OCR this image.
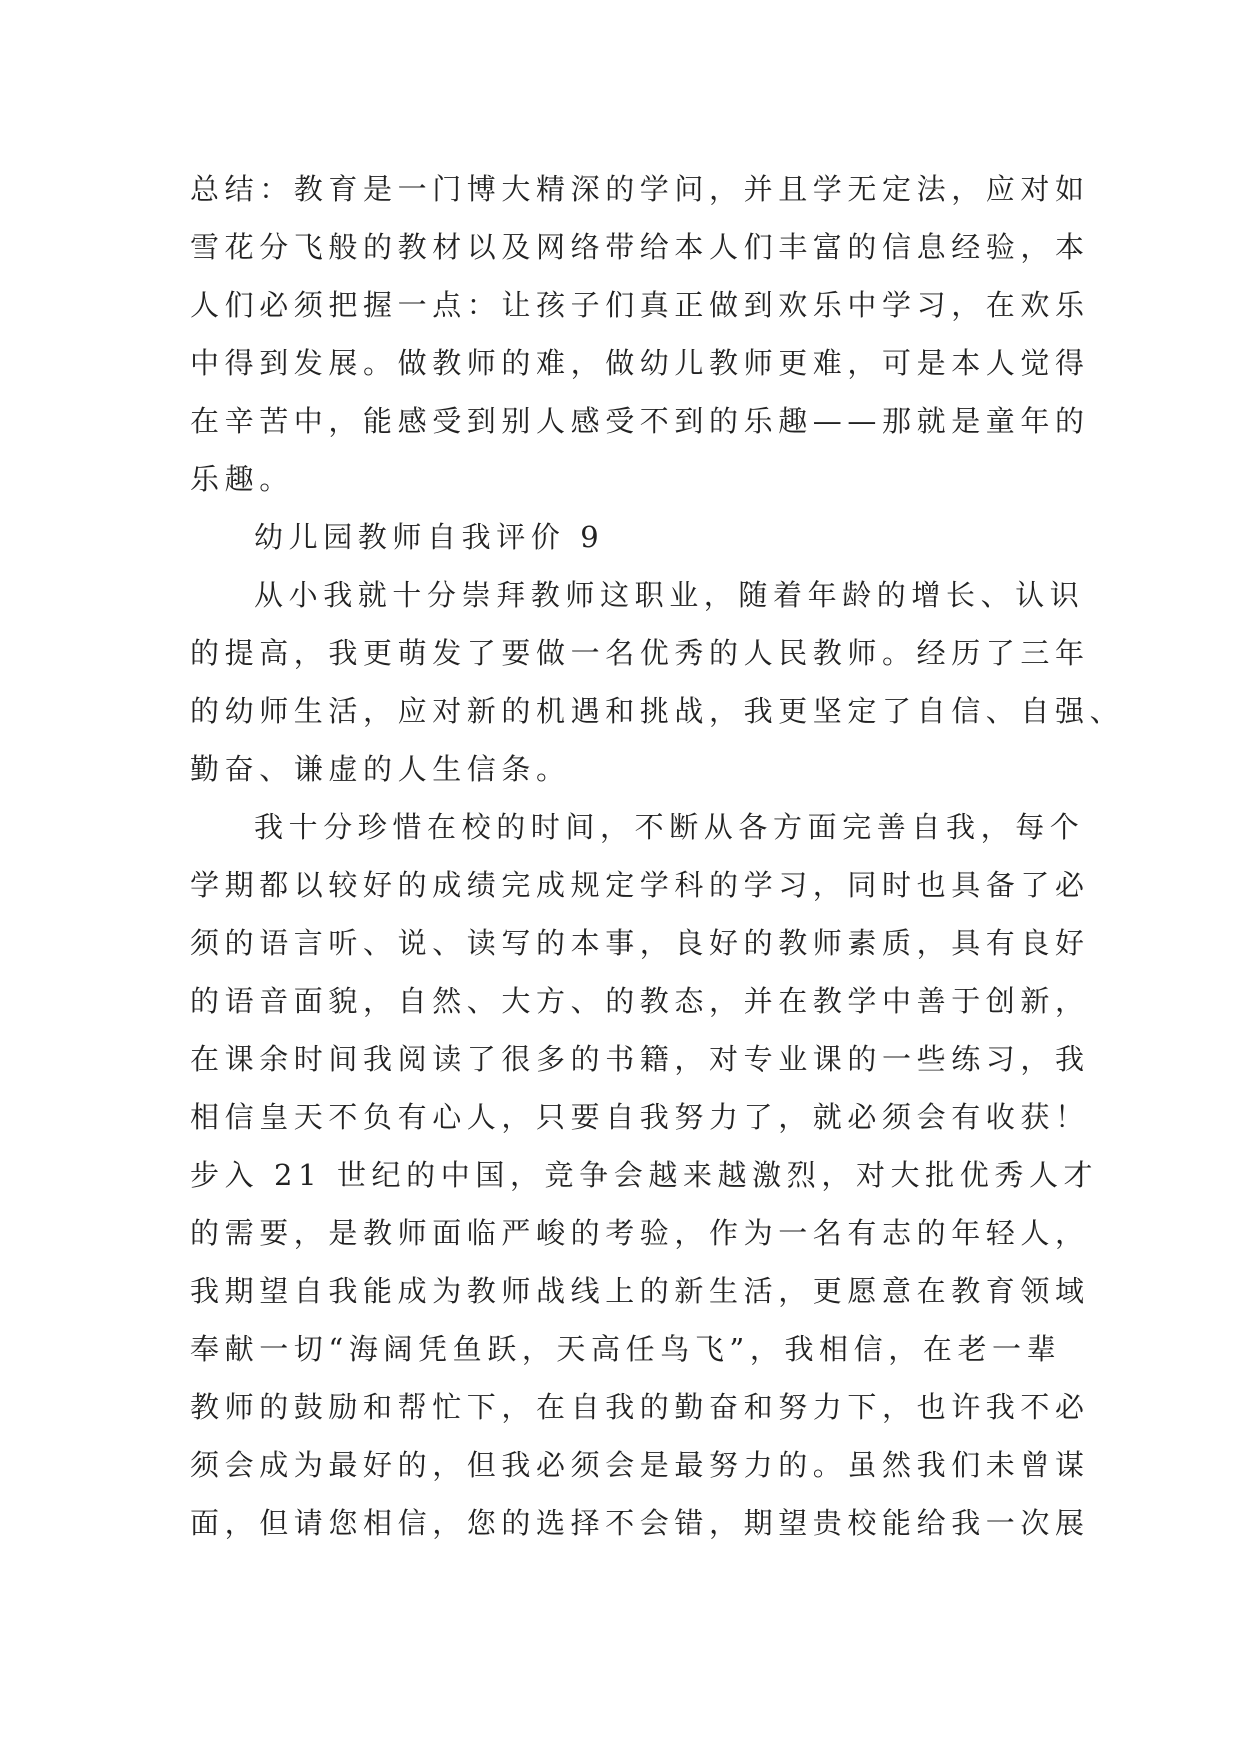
总结：教育是一门博大精深的学问，并且学无定法，应对如
雪花分飞般的教材以及网络带给本人们丰富的信息经验，本
人们必须把握一点：让孩子们真正做到欢乐中学习，在欢乐
中得到发展。做教师的难，做幼儿教师更难，可是本人觉得
在辛苦中，能感受到别人感受不到的乐趣——那就是童年的
乐趣。
幼儿园教师自我评价 9
从小我就十分崇拜教师这职业，随着年龄的增长、认识
的提高，我更萌发了要做一名优秀的人民教师。经历了三年
的幼师生活，应对新的机遇和挑战，我更坚定了自信、自强、
勤奋、谦虚的人生信条。
我十分珍惜在校的时间，不断从各方面完善自我，每个
学期都以较好的成绩完成规定学科的学习，同时也具备了必
须的语言听、说、读写的本事，良好的教师素质，具有良好
的语音面貌，自然、大方、的教态，并在教学中善于创新，
在课余时间我阅读了很多的书籍，对专业课的一些练习，我
相信皇天不负有心人，只要自我努力了，就必须会有收获！
步入 21 世纪的中国，竞争会越来越激烈，对大批优秀人才
的需要，是教师面临严峻的考验，作为一名有志的年轻人，
我期望自我能成为教师战线上的新生活，更愿意在教育领域
奉献一切“海阔凭鱼跃，天高任鸟飞”，我相信，在老一辈
教师的鼓励和帮忙下，在自我的勤奋和努力下，也许我不必
须会成为最好的，但我必须会是最努力的。虽然我们未曾谋
面，但请您相信，您的选择不会错，期望贵校能给我一次展
